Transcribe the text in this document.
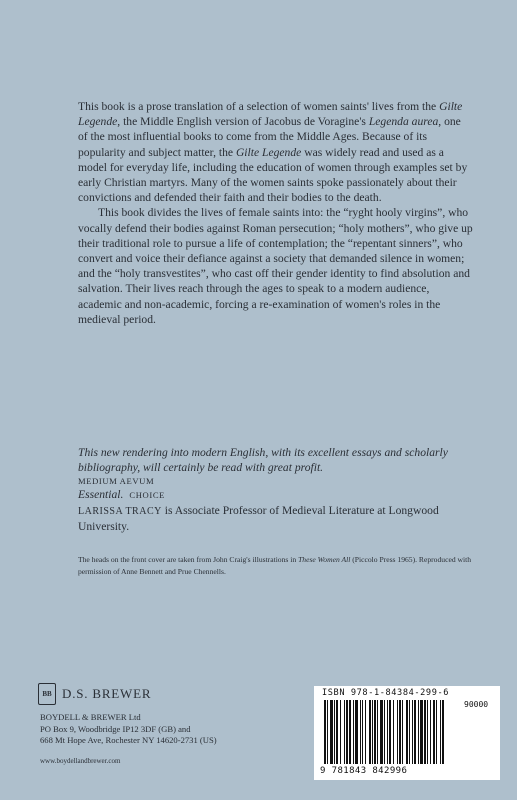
This book is a prose translation of a selection of women saints' lives from the Gilte Legende, the Middle English version of Jacobus de Voragine's Legenda aurea, one of the most influential books to come from the Middle Ages. Because of its popularity and subject matter, the Gilte Legende was widely read and used as a model for everyday life, including the education of women through examples set by early Christian martyrs. Many of the women saints spoke passionately about their convictions and defended their faith and their bodies to the death.

This book divides the lives of female saints into: the “ryght hooly virgins”, who vocally defend their bodies against Roman persecution; “holy mothers”, who give up their traditional role to pursue a life of contemplation; the “repentant sinners”, who convert and voice their defiance against a society that demanded silence in women; and the “holy transvestites”, who cast off their gender identity to find absolution and salvation. Their lives reach through the ages to speak to a modern audience, academic and non-academic, forcing a re-examination of women's roles in the medieval period.

This new rendering into modern English, with its excellent essays and scholarly bibliography, will certainly be read with great profit.

MEDIUM AEVUM

Essential. CHOICE

LARISSA TRACY is Associate Professor of Medieval Literature at Longwood University.

The heads on the front cover are taken from John Craig's illustrations in These Women All (Piccolo Press 1965). Reproduced with permission of Anne Bennett and Prue Chennells.

BB D.S. BREWER

BOYDELL & BREWER Ltd

PO Box 9, Woodbridge IP12 3DF (GB) and

668 Mt Hope Ave, Rochester NY 14620-2731 (US)

www.boydellandbrewer.com
ISBN 978-1-84384-299-6
90000
9 781843 842996
